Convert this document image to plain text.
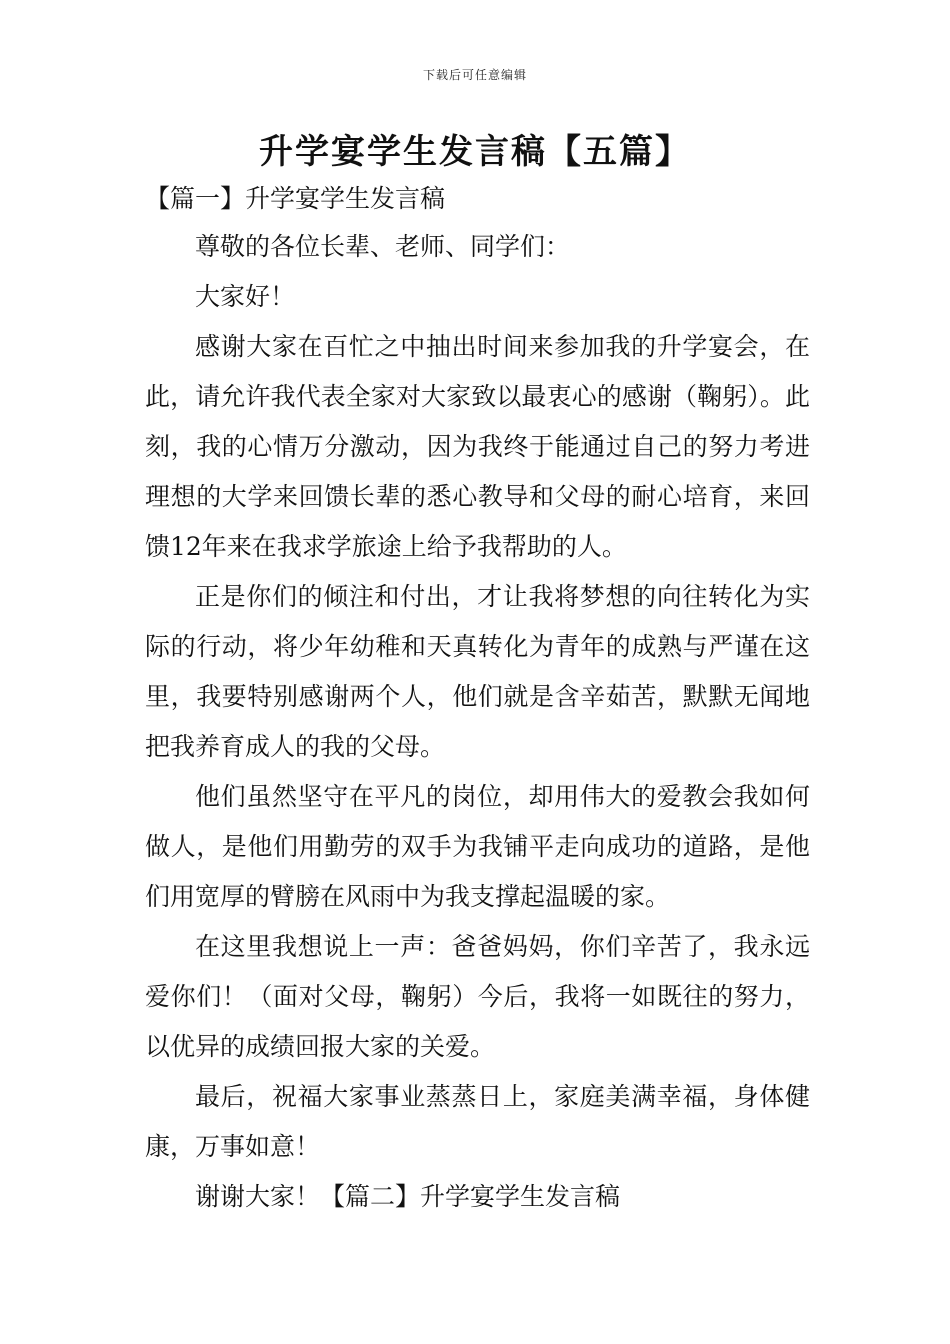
下载后可任意编辑
升学宴学生发言稿【五篇】
【篇一】升学宴学生发言稿

尊敬的各位长辈、老师、同学们：

大家好！

感谢大家在百忙之中抽出时间来参加我的升学宴会，在此，请允许我代表全家对大家致以最衷心的感谢（鞠躬）。此刻，我的心情万分激动，因为我终于能通过自己的努力考进理想的大学来回馈长辈的悉心教导和父母的耐心培育，来回馈12年来在我求学旅途上给予我帮助的人。

正是你们的倾注和付出，才让我将梦想的向往转化为实际的行动，将少年幼稚和天真转化为青年的成熟与严谨在这里，我要特别感谢两个人，他们就是含辛茹苦，默默无闻地把我养育成人的我的父母。

他们虽然坚守在平凡的岗位，却用伟大的爱教会我如何做人，是他们用勤劳的双手为我铺平走向成功的道路，是他们用宽厚的臂膀在风雨中为我支撑起温暖的家。

在这里我想说上一声：爸爸妈妈，你们辛苦了，我永远爱你们！（面对父母，鞠躬）今后，我将一如既往的努力，以优异的成绩回报大家的关爱。

最后，祝福大家事业蒸蒸日上，家庭美满幸福，身体健康，万事如意！

谢谢大家！【篇二】升学宴学生发言稿
